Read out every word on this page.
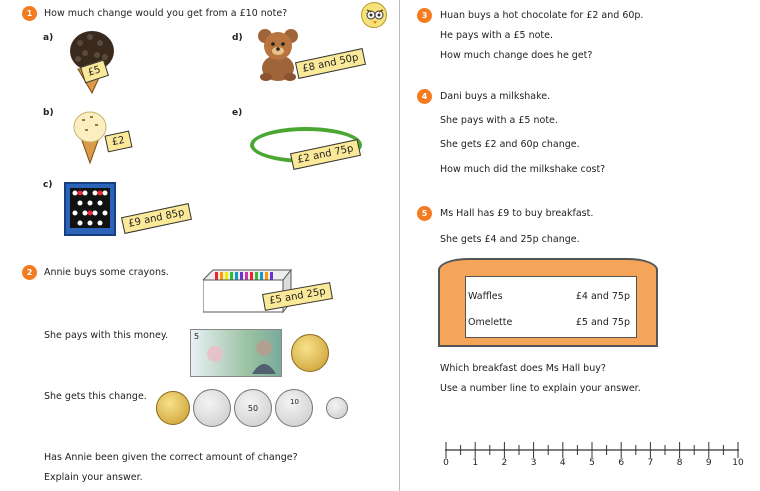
1	How much change would you get from a £10 note?
a)
£5
b)
£2
c)
£9 and 85p
d)
£8 and 50p
e)
£2 and 75p
2	Annie buys some crayons.
£5 and 25p
She pays with this money.	5
She gets this change.
50
Has Annie been given the correct amount of change?
Explain your answer.
3	Huan buys a hot chocolate for £2 and 60p.
He pays with a £5 note.
How much change does he get?
4	Dani buys a milkshake.
She pays with a £5 note.
She gets £2 and 60p change.
How much did the milkshake cost?
5	Ms Hall has £9 to buy breakfast.
She gets £4 and 25p change.
Waffles	£4 and 75p
Omelette	£5 and 75p
Which breakfast does Ms Hall buy?
Use a number line to explain your answer.
0	1	2	3	4	5	6	7	8	9 10
